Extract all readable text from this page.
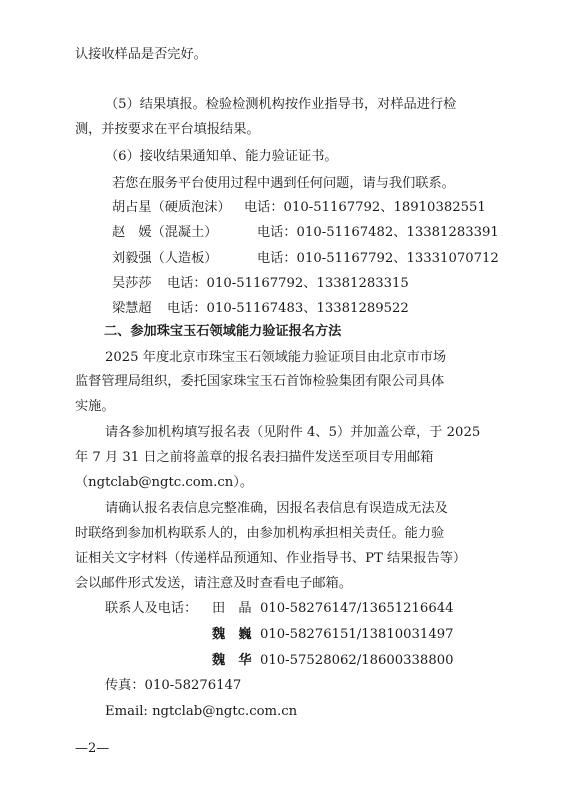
认接收样品是否完好。
（5）结果填报。检验检测机构按作业指导书，对样品进行检
测，并按要求在平台填报结果。
（6）接收结果通知单、能力验证证书。
若您在服务平台使用过程中遇到任何问题，请与我们联系。
胡占星（硬质泡沫） 电话：010-51167792、18910382551
赵　媛（混凝土）	电话：010-51167482、13381283391
刘毅强（人造板）	电话：010-51167792、13331070712
吴莎莎 电话：010-51167792、13381283315
梁慧超 电话：010-51167483、13381289522
二、参加珠宝玉石领域能力验证报名方法
2025 年度北京市珠宝玉石领域能力验证项目由北京市市场
监督管理局组织，委托国家珠宝玉石首饰检验集团有限公司具体
实施。
请各参加机构填写报名表（见附件 4、5）并加盖公章，于 2025
年 7 月 31 日之前将盖章的报名表扫描件发送至项目专用邮箱
（ngtclab@ngtc.com.cn）。
请确认报名表信息完整准确，因报名表信息有误造成无法及
时联络到参加机构联系人的，由参加机构承担相关责任。能力验
证相关文字材料（传递样品预通知、作业指导书、PT 结果报告等）
会以邮件形式发送，请注意及时查看电子邮箱。
联系人及电话： 田　晶 010-58276147/13651216644
魏　巍 010-58276151/13810031497
魏　华 010-57528062/18600338800
传真：010-58276147
Email: ngtclab@ngtc.com.cn
—2—
